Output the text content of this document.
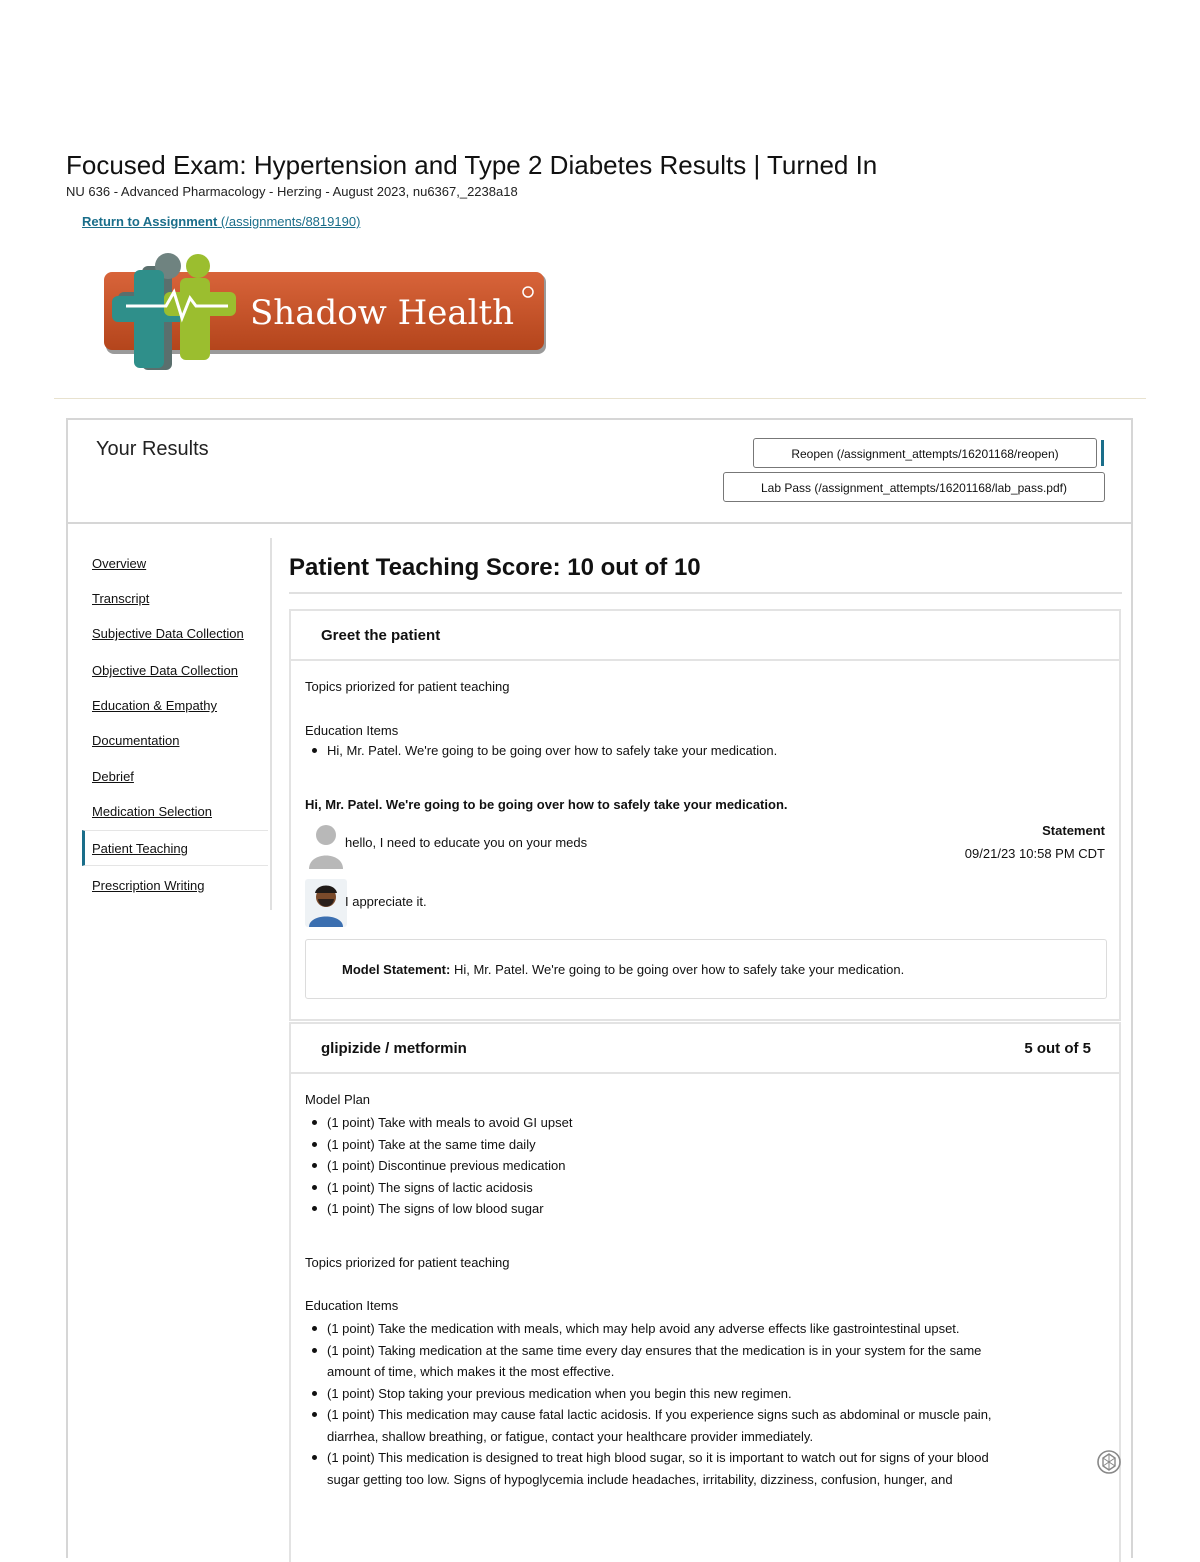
Focused Exam: Hypertension and Type 2 Diabetes Results | Turned In
NU 636 - Advanced Pharmacology - Herzing - August 2023, nu6367,_2238a18
Return to Assignment (/assignments/8819190)
Shadow Health
Your Results	Reopen (/assignment_attempts/16201168/reopen)
Lab Pass (/assignment_attempts/16201168/lab_pass.pdf)
Overview
Transcript
Subjective Data Collection
Objective Data Collection
Education & Empathy
Documentation
Debrief
Medication Selection
Patient Teaching
Prescription Writing
Patient Teaching Score: 10 out of 10
Greet the patient
Topics priorized for patient teaching
Education Items
Hi, Mr. Patel. We're going to be going over how to safely take your medication.
Hi, Mr. Patel. We're going to be going over how to safely take your medication.
hello, I need to educate you on your meds
Statement
09/21/23 10:58 PM CDT
I appreciate it.
Model Statement: Hi, Mr. Patel. We're going to be going over how to safely take your medication.
glipizide / metformin	5 out of 5
Model Plan
(1 point) Take with meals to avoid GI upset
(1 point) Take at the same time daily
(1 point) Discontinue previous medication
(1 point) The signs of lactic acidosis
(1 point) The signs of low blood sugar
Topics priorized for patient teaching
Education Items
(1 point) Take the medication with meals, which may help avoid any adverse effects like gastrointestinal upset.
(1 point) Taking medication at the same time every day ensures that the medication is in your system for the same
amount of time, which makes it the most effective.
(1 point) Stop taking your previous medication when you begin this new regimen.
(1 point) This medication may cause fatal lactic acidosis. If you experience signs such as abdominal or muscle pain,
diarrhea, shallow breathing, or fatigue, contact your healthcare provider immediately.
(1 point) This medication is designed to treat high blood sugar, so it is important to watch out for signs of your blood
sugar getting too low. Signs of hypoglycemia include headaches, irritability, dizziness, confusion, hunger, and
